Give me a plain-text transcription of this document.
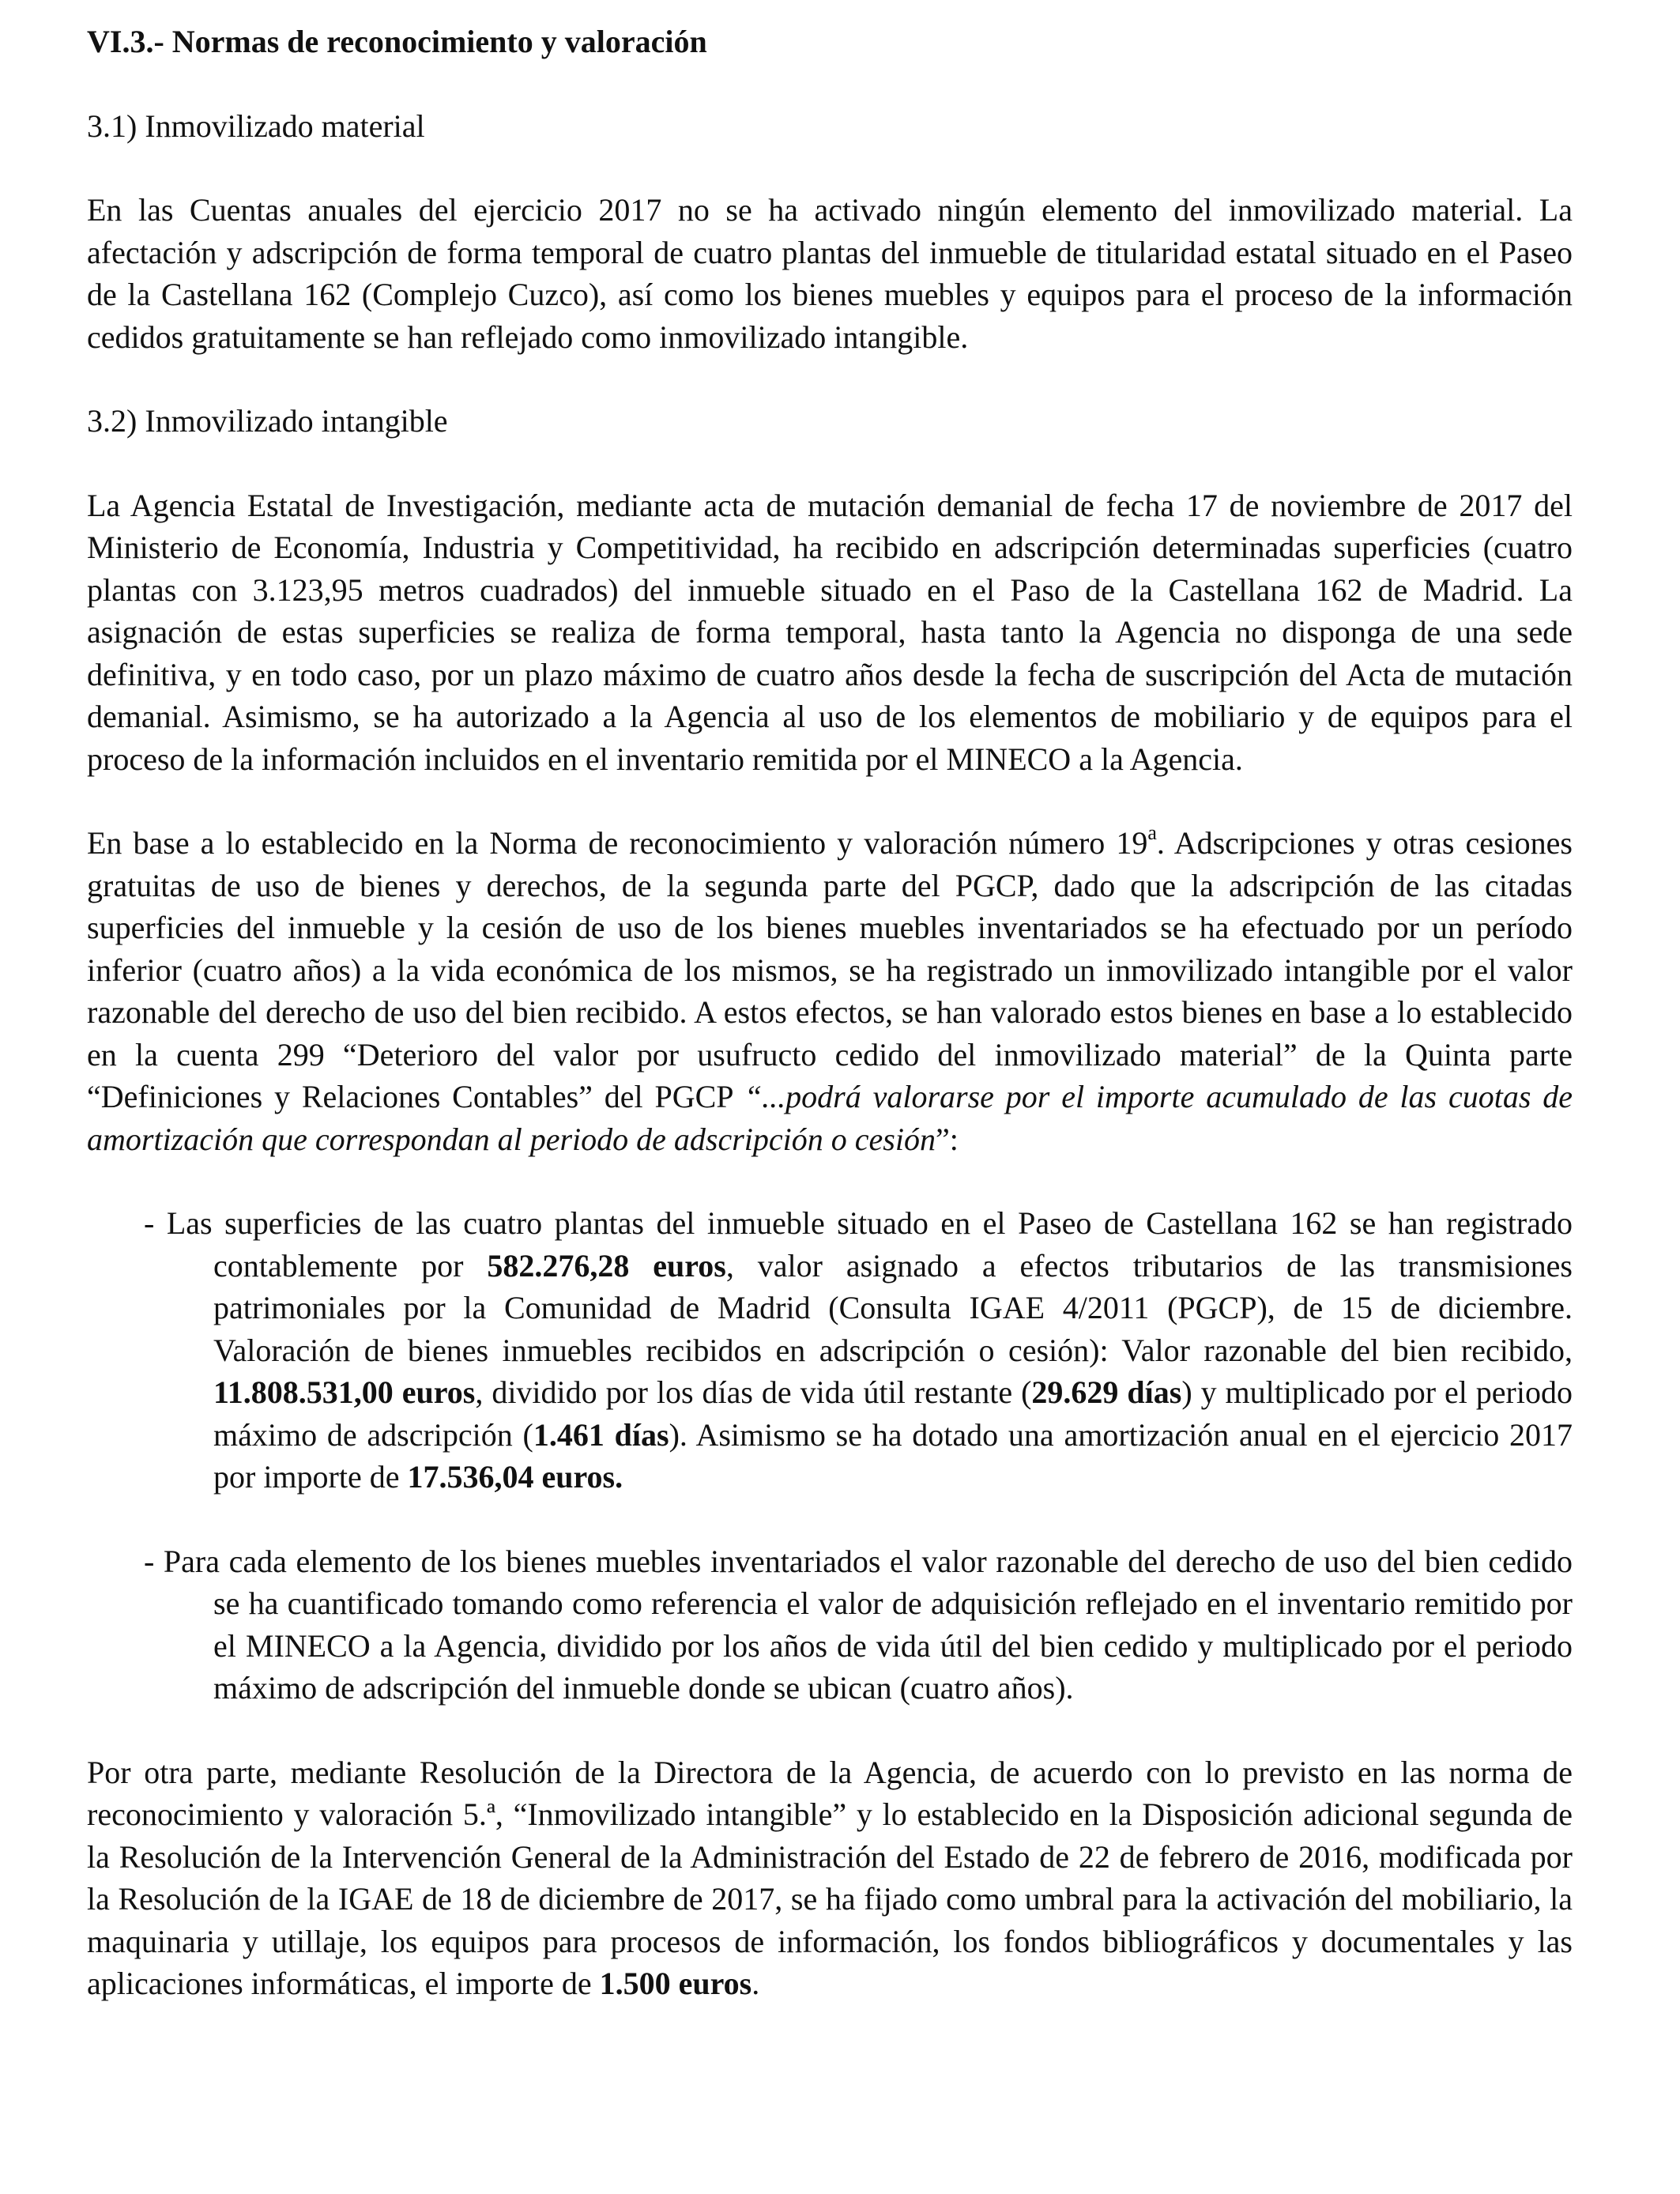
VI.3.- Normas de reconocimiento y valoración
3.1) Inmovilizado material
En las Cuentas anuales del ejercicio 2017 no se ha activado ningún elemento del inmovilizado material. La afectación y adscripción de forma temporal de cuatro plantas del inmueble de titularidad estatal situado en el Paseo de la Castellana 162 (Complejo Cuzco), así como los bienes muebles y equipos para el proceso de la información cedidos gratuitamente se han reflejado como inmovilizado intangible.
3.2) Inmovilizado intangible
La Agencia Estatal de Investigación, mediante acta de mutación demanial de fecha 17 de noviembre de 2017 del Ministerio de Economía, Industria y Competitividad, ha recibido en adscripción determinadas superficies (cuatro plantas con 3.123,95 metros cuadrados) del inmueble situado en el Paso de la Castellana 162 de Madrid. La asignación de estas superficies se realiza de forma temporal, hasta tanto la Agencia no disponga de una sede definitiva, y en todo caso, por un plazo máximo de cuatro años desde la fecha de suscripción del Acta de mutación demanial. Asimismo, se ha autorizado a la Agencia al uso de los elementos de mobiliario y de equipos para el proceso de la información incluidos en el inventario remitida por el MINECO a la Agencia.
En base a lo establecido en la Norma de reconocimiento y valoración número 19$^a$. Adscripciones y otras cesiones gratuitas de uso de bienes y derechos, de la segunda parte del PGCP, dado que la adscripción de las citadas superficies del inmueble y la cesión de uso de los bienes muebles inventariados se ha efectuado por un período inferior (cuatro años) a la vida económica de los mismos, se ha registrado un inmovilizado intangible por el valor razonable del derecho de uso del bien recibido. A estos efectos, se han valorado estos bienes en base a lo establecido en la cuenta 299 “Deterioro del valor por usufructo cedido del inmovilizado material” de la Quinta parte “Definiciones y Relaciones Contables” del PGCP “...podrá valorarse por el importe acumulado de las cuotas de amortización que correspondan al periodo de adscripción o cesión”:
- Las superficies de las cuatro plantas del inmueble situado en el Paseo de Castellana 162 se han registrado contablemente por 582.276,28 euros, valor asignado a efectos tributarios de las transmisiones patrimoniales por la Comunidad de Madrid (Consulta IGAE 4/2011 (PGCP), de 15 de diciembre. Valoración de bienes inmuebles recibidos en adscripción o cesión): Valor razonable del bien recibido, 11.808.531,00 euros, dividido por los días de vida útil restante (29.629 días) y multiplicado por el periodo máximo de adscripción (1.461 días). Asimismo se ha dotado una amortización anual en el ejercicio 2017 por importe de 17.536,04 euros.
- Para cada elemento de los bienes muebles inventariados el valor razonable del derecho de uso del bien cedido se ha cuantificado tomando como referencia el valor de adquisición reflejado en el inventario remitido por el MINECO a la Agencia, dividido por los años de vida útil del bien cedido y multiplicado por el periodo máximo de adscripción del inmueble donde se ubican (cuatro años).
Por otra parte, mediante Resolución de la Directora de la Agencia, de acuerdo con lo previsto en las norma de reconocimiento y valoración 5.ª, “Inmovilizado intangible” y lo establecido en la Disposición adicional segunda de la Resolución de la Intervención General de la Administración del Estado de 22 de febrero de 2016, modificada por la Resolución de la IGAE de 18 de diciembre de 2017, se ha fijado como umbral para la activación del mobiliario, la maquinaria y utillaje, los equipos para procesos de información, los fondos bibliográficos y documentales y las aplicaciones informáticas, el importe de 1.500 euros.
